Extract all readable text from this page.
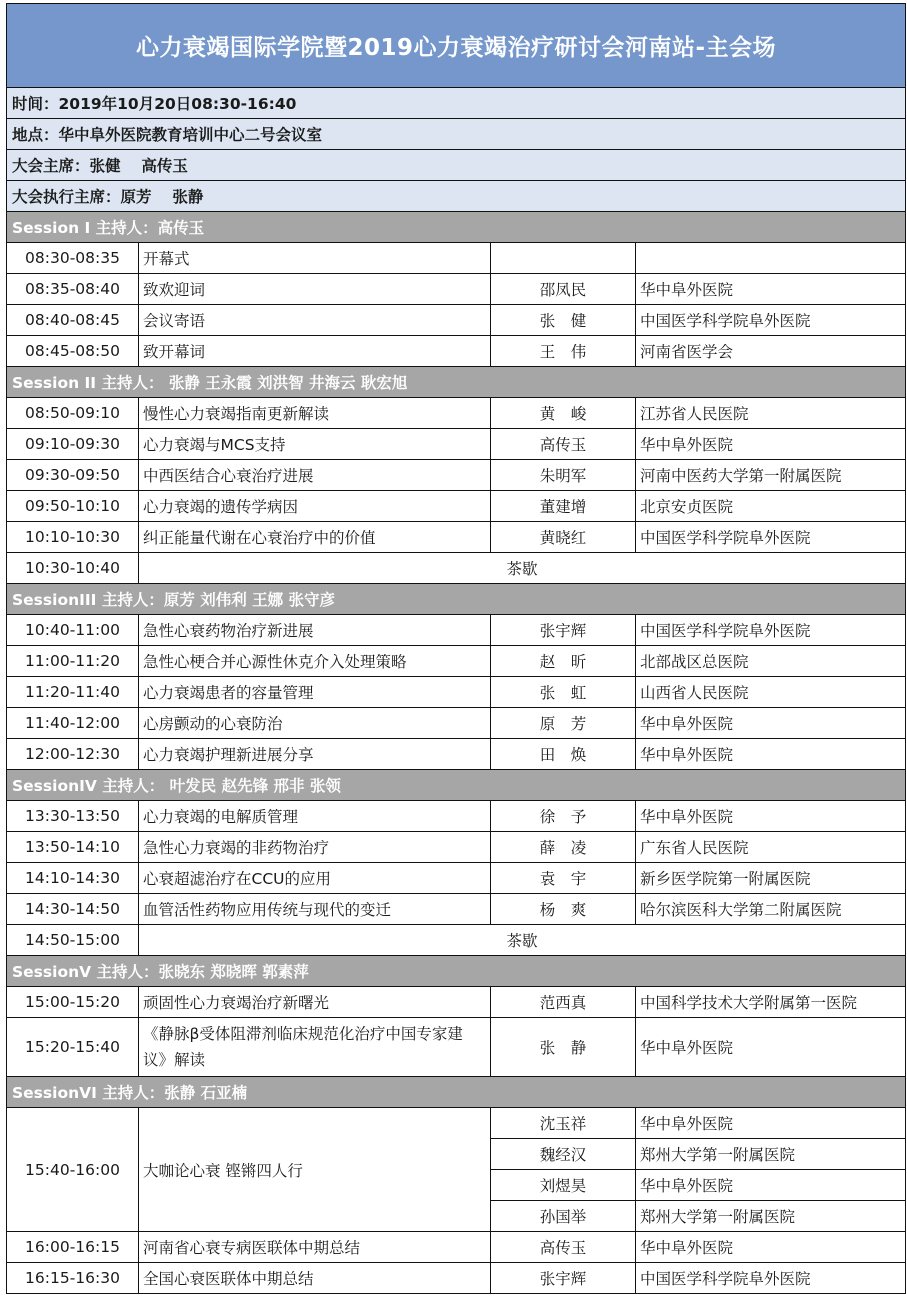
心力衰竭国际学院暨2019心力衰竭治疗研讨会河南站-主会场			
时间：2019年10月20日08:30-16:40			
地点：华中阜外医院教育培训中心二号会议室			
大会主席：张健　 高传玉			
大会执行主席：原芳　 张静			
Session I 主持人：高传玉			
08:30-08:35	开幕式		
08:35-08:40	致欢迎词	邵凤民	华中阜外医院
08:40-08:45	会议寄语	张　健	中国医学科学院阜外医院
08:45-08:50	致开幕词	王　伟	河南省医学会
Session II 主持人： 张静 王永霞 刘洪智 井海云 耿宏旭			
08:50-09:10	慢性心力衰竭指南更新解读	黄　峻	江苏省人民医院
09:10-09:30	心力衰竭与MCS支持	高传玉	华中阜外医院
09:30-09:50	中西医结合心衰治疗进展	朱明军	河南中医药大学第一附属医院
09:50-10:10	心力衰竭的遗传学病因	董建增	北京安贞医院
10:10-10:30	纠正能量代谢在心衰治疗中的价值	黄晓红	中国医学科学院阜外医院
10:30-10:40	茶歇		
SessionIII 主持人：原芳 刘伟利 王娜 张守彦			
10:40-11:00	急性心衰药物治疗新进展	张宇辉	中国医学科学院阜外医院
11:00-11:20	急性心梗合并心源性休克介入处理策略	赵　昕	北部战区总医院
11:20-11:40	心力衰竭患者的容量管理	张　虹	山西省人民医院
11:40-12:00	心房颤动的心衰防治	原　芳	华中阜外医院
12:00-12:30	心力衰竭护理新进展分享	田　焕	华中阜外医院
SessionIV 主持人： 叶发民 赵先锋 邢非 张领			
13:30-13:50	心力衰竭的电解质管理	徐　予	华中阜外医院
13:50-14:10	急性心力衰竭的非药物治疗	薛　凌	广东省人民医院
14:10-14:30	心衰超滤治疗在CCU的应用	袁　宇	新乡医学院第一附属医院
14:30-14:50	血管活性药物应用传统与现代的变迁	杨　爽	哈尔滨医科大学第二附属医院
14:50-15:00	茶歇		
SessionV 主持人：张晓东 郑晓晖 郭素萍			
15:00-15:20	顽固性心力衰竭治疗新曙光	范西真	中国科学技术大学附属第一医院
15:20-15:40	《静脉β受体阻滞剂临床规范化治疗中国专家建议》解读	张　静	华中阜外医院
SessionVI 主持人：张静 石亚楠			
15:40-16:00	大咖论心衰 铿锵四人行	沈玉祥	华中阜外医院
		魏经汉	郑州大学第一附属医院
		刘煜昊	华中阜外医院
		孙国举	郑州大学第一附属医院
16:00-16:15	河南省心衰专病医联体中期总结	高传玉	华中阜外医院
16:15-16:30	全国心衰医联体中期总结	张宇辉	中国医学科学院阜外医院
